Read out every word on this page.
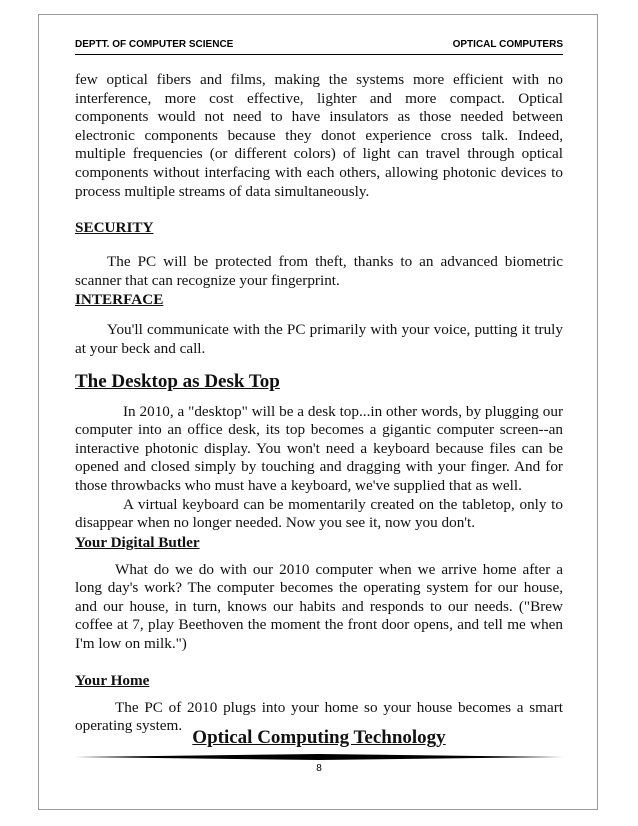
DEPTT. OF COMPUTER SCIENCE	OPTICAL COMPUTERS

few optical fibers and films, making the systems more efficient with no interference, more cost effective, lighter and more compact. Optical components would not need to have insulators as those needed between electronic components because they donot experience cross talk. Indeed, multiple frequencies (or different colors) of light can travel through optical components without interfacing with each others, allowing photonic devices to process multiple streams of data simultaneously.

SECURITY

The PC will be protected from theft, thanks to an advanced biometric scanner that can recognize your fingerprint.

INTERFACE

You'll communicate with the PC primarily with your voice, putting it truly at your beck and call.

The Desktop as Desk Top

In 2010, a "desktop" will be a desk top...in other words, by plugging our computer into an office desk, its top becomes a gigantic computer screen--an interactive photonic display. You won't need a keyboard because files can be opened and closed simply by touching and dragging with your finger. And for those throwbacks who must have a keyboard, we've supplied that as well.

A virtual keyboard can be momentarily created on the tabletop, only to disappear when no longer needed. Now you see it, now you don't.

Your Digital Butler

What do we do with our 2010 computer when we arrive home after a long day's work? The computer becomes the operating system for our house, and our house, in turn, knows our habits and responds to our needs. ("Brew coffee at 7, play Beethoven the moment the front door opens, and tell me when I'm low on milk.")

Your Home

The PC of 2010 plugs into your home so your house becomes a smart operating system.

Optical Computing Technology
8
